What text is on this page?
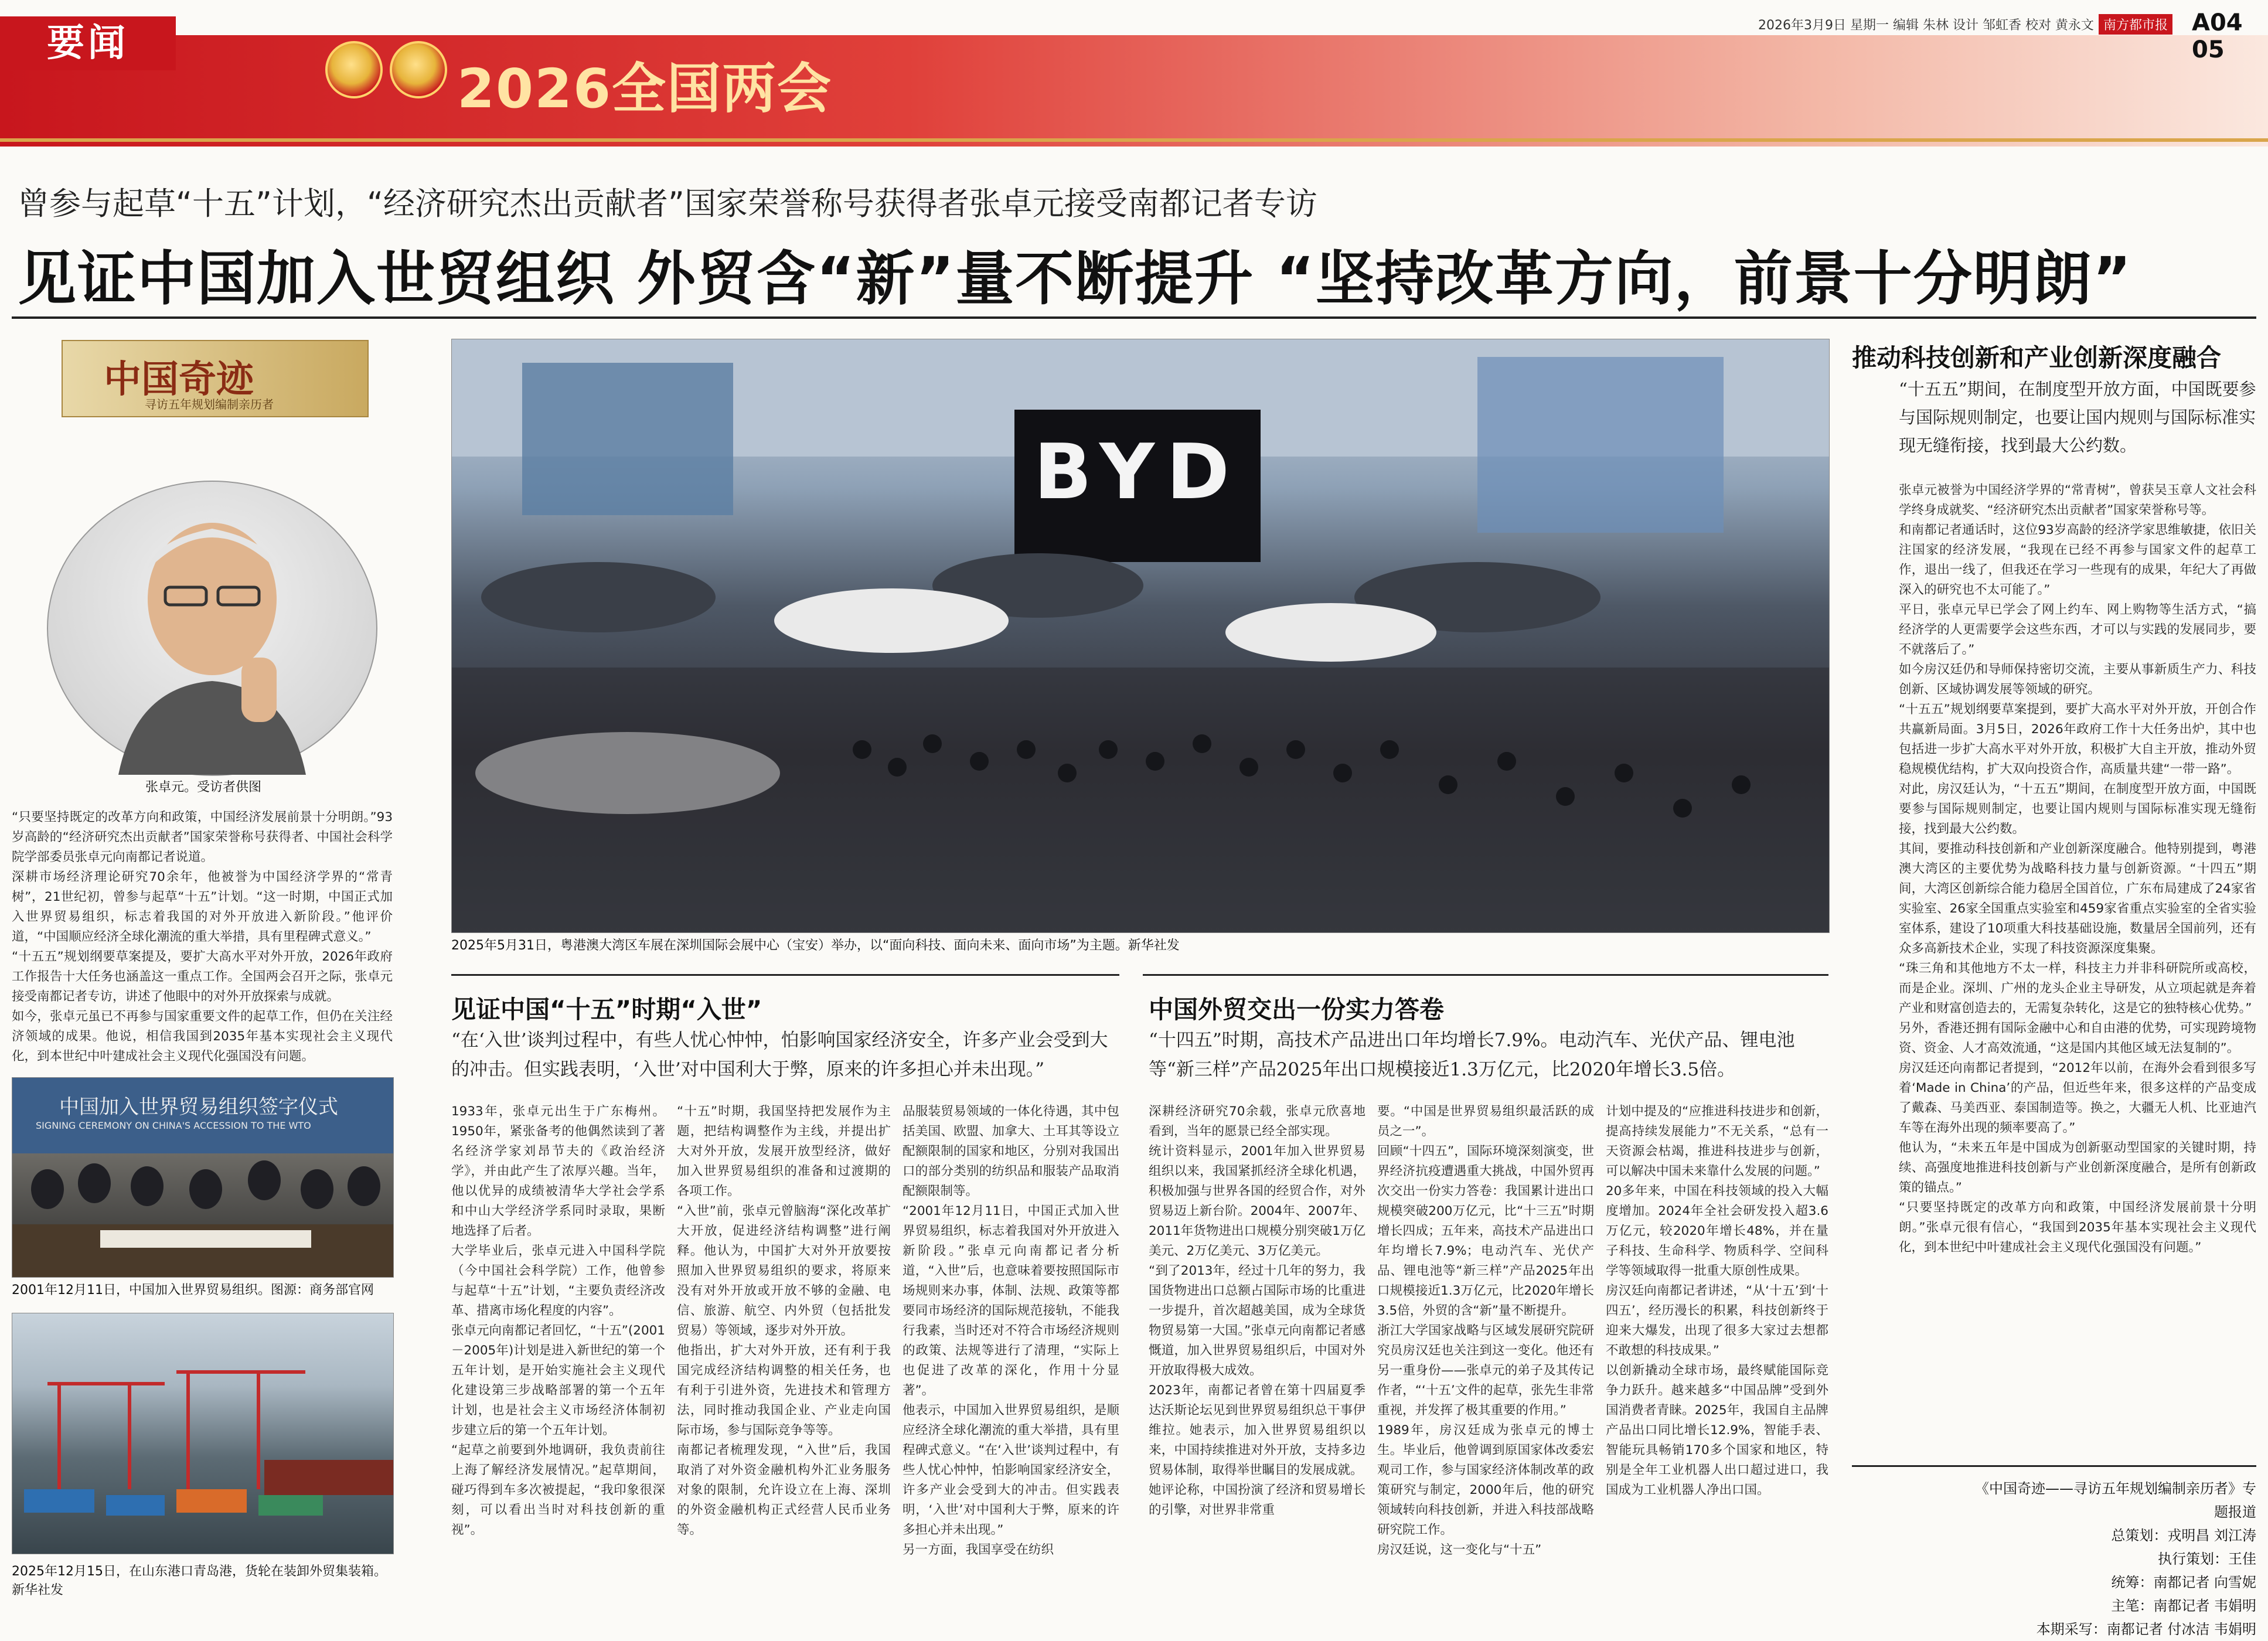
要闻
2026全国两会
2026年3月9日 星期一 编辑 朱林 设计 邹虹香 校对 黄永文 南方都市报 A04 05
曾参与起草“十五”计划，“经济研究杰出贡献者”国家荣誉称号获得者张卓元接受南都记者专访
见证中国加入世贸组织 外贸含“新”量不断提升 “坚持改革方向，前景十分明朗”
中国奇迹
寻访五年规划编制亲历者
张卓元。受访者供图

“只要坚持既定的改革方向和政策，中国经济发展前景十分明朗。”93岁高龄的“经济研究杰出贡献者”国家荣誉称号获得者、中国社会科学院学部委员张卓元向南都记者说道。

深耕市场经济理论研究70余年，他被誉为中国经济学界的“常青树”，21世纪初，曾参与起草“十五”计划。“这一时期，中国正式加入世界贸易组织，标志着我国的对外开放进入新阶段。”他评价道，“中国顺应经济全球化潮流的重大举措，具有里程碑式意义。”

“十五五”规划纲要草案提及，要扩大高水平对外开放，2026年政府工作报告十大任务也涵盖这一重点工作。全国两会召开之际，张卓元接受南都记者专访，讲述了他眼中的对外开放探索与成就。

如今，张卓元虽已不再参与国家重要文件的起草工作，但仍在关注经济领域的成果。他说，相信我国到2035年基本实现社会主义现代化，到本世纪中叶建成社会主义现代化强国没有问题。

中国加入世界贸易组织签字仪式
SIGNING CEREMONY ON CHINA'S ACCESSION TO THE WTO
2001年12月11日，中国加入世界贸易组织。图源：商务部官网
2025年12月15日，在山东港口青岛港，货轮在装卸外贸集装箱。新华社发
BYD
2025年5月31日，粤港澳大湾区车展在深圳国际会展中心（宝安）举办，以“面向科技、面向未来、面向市场”为主题。新华社发
见证中国“十五”时期“入世”
“在‘入世’谈判过程中，有些人忧心忡忡，怕影响国家经济安全，许多产业会受到大的冲击。但实践表明，‘入世’对中国利大于弊，原来的许多担心并未出现。”

1933年，张卓元出生于广东梅州。1950年，紧张备考的他偶然读到了著名经济学家刘昂节夫的《政治经济学》，并由此产生了浓厚兴趣。当年，他以优异的成绩被清华大学社会学系和中山大学经济学系同时录取，果断地选择了后者。

大学毕业后，张卓元进入中国科学院（今中国社会科学院）工作，他曾参与起草“十五”计划，“主要负责经济改革、措离市场化程度的内容”。

张卓元向南都记者回忆，“十五”(2001－2005年)计划是进入新世纪的第一个五年计划，是开始实施社会主义现代化建设第三步战略部署的第一个五年计划，也是社会主义市场经济体制初步建立后的第一个五年计划。

“起草之前要到外地调研，我负责前往上海了解经济发展情况。”起草期间，碰巧得到车多次被提起，“我印象很深刻，可以看出当时对科技创新的重视”。

“十五”时期，我国坚持把发展作为主题，把结构调整作为主线，并提出扩大对外开放，发展开放型经济，做好加入世界贸易组织的准备和过渡期的各项工作。

“入世”前，张卓元曾脑海“深化改革扩大开放，促进经济结构调整”进行阐释。他认为，中国扩大对外开放要按照加入世界贸易组织的要求，将原来没有对外开放或开放不够的金融、电信、旅游、航空、内外贸（包括批发贸易）等领域，逐步对外开放。

他指出，扩大对外开放，还有利于我国完成经济结构调整的相关任务，也有利于引进外资，先进技术和管理方法，同时推动我国企业、产业走向国际市场，参与国际竞争等等。

南都记者梳理发现，“入世”后，我国取消了对外资金融机构外汇业务服务对象的限制，允许设立在上海、深圳的外资金融机构正式经营人民币业务等。

品服装贸易领域的一体化待遇，其中包括美国、欧盟、加拿大、土耳其等设立配额限制的国家和地区，分别对我国出口的部分类别的纺织品和服装产品取消配额限制等。

“2001年12月11日，中国正式加入世界贸易组织，标志着我国对外开放进入新阶段。”张卓元向南都记者分析道，“入世”后，也意味着要按照国际市场规则来办事，体制、法规、政策等都要同市场经济的国际规范接轨，不能我行我素，当时还对不符合市场经济规则的政策、法规等进行了清理，“实际上也促进了改革的深化，作用十分显著”。

他表示，中国加入世界贸易组织，是顺应经济全球化潮流的重大举措，具有里程碑式意义。“在‘入世’谈判过程中，有些人忧心忡忡，怕影响国家经济安全，许多产业会受到大的冲击。但实践表明，‘入世’对中国利大于弊，原来的许多担心并未出现。”

另一方面，我国享受在纺织

中国外贸交出一份实力答卷
“十四五”时期，高技术产品进出口年均增长7.9%。电动汽车、光伏产品、锂电池等“新三样”产品2025年出口规模接近1.3万亿元，比2020年增长3.5倍。

深耕经济研究70余载，张卓元欣喜地看到，当年的愿景已经全部实现。

统计资料显示，2001年加入世界贸易组织以来，我国紧抓经济全球化机遇，积极加强与世界各国的经贸合作，对外贸易迈上新台阶。2004年、2007年、2011年货物进出口规模分别突破1万亿美元、2万亿美元、3万亿美元。

“到了2013年，经过十几年的努力，我国货物进出口总额占国际市场的比重进一步提升，首次超越美国，成为全球货物贸易第一大国。”张卓元向南都记者感慨道，加入世界贸易组织后，中国对外开放取得极大成效。

2023年，南都记者曾在第十四届夏季达沃斯论坛见到世界贸易组织总干事伊维拉。她表示，加入世界贸易组织以来，中国持续推进对外开放，支持多边贸易体制，取得举世瞩目的发展成就。

她评论称，中国扮演了经济和贸易增长的引擎，对世界非常重

要。“中国是世界贸易组织最活跃的成员之一”。

回顾“十四五”，国际环境深刻演变，世界经济抗疫遭遇重大挑战，中国外贸再次交出一份实力答卷：我国累计进出口规模突破200万亿元，比“十三五”时期增长四成；五年来，高技术产品进出口年均增长7.9%；电动汽车、光伏产品、锂电池等“新三样”产品2025年出口规模接近1.3万亿元，比2020年增长3.5倍，外贸的含“新”量不断提升。

浙江大学国家战略与区域发展研究院研究员房汉廷也关注到这一变化。他还有另一重身份——张卓元的弟子及其传记作者，“‘十五’文件的起草，张先生非常重视，并发挥了极其重要的作用。”

1989年，房汉廷成为张卓元的博士生。毕业后，他曾调到原国家体改委宏观司工作，参与国家经济体制改革的政策研究与制定，2000年后，他的研究领域转向科技创新，并进入科技部战略研究院工作。

房汉廷说，这一变化与“十五”

计划中提及的“应推进科技进步和创新，提高持续发展能力”不无关系，“总有一天资源会枯竭，推进科技进步与创新，可以解决中国未来靠什么发展的问题。”

20多年来，中国在科技领域的投入大幅度增加。2024年全社会研发投入超3.6万亿元，较2020年增长48%，并在量子科技、生命科学、物质科学、空间科学等领域取得一批重大原创性成果。

房汉廷向南都记者讲述，“从‘十五’到‘十四五’，经历漫长的积累，科技创新终于迎来大爆发，出现了很多大家过去想都不敢想的科技成果。”

以创新撬动全球市场，最终赋能国际竞争力跃升。越来越多“中国品牌”受到外国消费者青睐。2025年，我国自主品牌产品出口同比增长12.9%，智能手表、智能玩具畅销170多个国家和地区，特别是全年工业机器人出口超过进口，我国成为工业机器人净出口国。

推动科技创新和产业创新深度融合
“十五五”期间，在制度型开放方面，中国既要参与国际规则制定，也要让国内规则与国际标准实现无缝衔接，找到最大公约数。

张卓元被誉为中国经济学界的“常青树”，曾获吴玉章人文社会科学终身成就奖、“经济研究杰出贡献者”国家荣誉称号等。

和南都记者通话时，这位93岁高龄的经济学家思维敏捷，依旧关注国家的经济发展，“我现在已经不再参与国家文件的起草工作，退出一线了，但我还在学习一些现有的成果，年纪大了再做深入的研究也不太可能了。”

平日，张卓元早已学会了网上约车、网上购物等生活方式，“搞经济学的人更需要学会这些东西，才可以与实践的发展同步，要不就落后了。”

如今房汉廷仍和导师保持密切交流，主要从事新质生产力、科技创新、区域协调发展等领域的研究。

“十五五”规划纲要草案提到，要扩大高水平对外开放，开创合作共赢新局面。3月5日，2026年政府工作十大任务出炉，其中也包括进一步扩大高水平对外开放，积极扩大自主开放，推动外贸稳规模优结构，扩大双向投资合作，高质量共建“一带一路”。

对此，房汉廷认为，“十五五”期间，在制度型开放方面，中国既要参与国际规则制定，也要让国内规则与国际标准实现无缝衔接，找到最大公约数。

其间，要推动科技创新和产业创新深度融合。他特别提到，粤港澳大湾区的主要优势为战略科技力量与创新资源。“十四五”期间，大湾区创新综合能力稳居全国首位，广东布局建成了24家省实验室、26家全国重点实验室和459家省重点实验室的全省实验室体系，建设了10项重大科技基础设施，数量居全国前列，还有众多高新技术企业，实现了科技资源深度集聚。

“珠三角和其他地方不太一样，科技主力并非科研院所或高校，而是企业。深圳、广州的龙头企业主导研发，从立项起就是奔着产业和财富创造去的，无需复杂转化，这是它的独特核心优势。”

另外，香港还拥有国际金融中心和自由港的优势，可实现跨境物资、资金、人才高效流通，“这是国内其他区域无法复制的”。

房汉廷还向南都记者提到，“2012年以前，在海外会看到很多写着‘Made in China’的产品，但近些年来，很多这样的产品变成了戴森、马美西亚、泰国制造等。换之，大疆无人机、比亚迪汽车等在海外出现的频率要高了。”

他认为，“未来五年是中国成为创新驱动型国家的关键时期，持续、高强度地推进科技创新与产业创新深度融合，是所有创新政策的锚点。”

“只要坚持既定的改革方向和政策，中国经济发展前景十分明朗。”张卓元很有信心，“我国到2035年基本实现社会主义现代化，到本世纪中叶建成社会主义现代化强国没有问题。”

《中国奇迹——寻访五年规划编制亲历者》专题报道
总策划：戎明昌 刘江涛
执行策划：王佳
统筹：南都记者 向雪妮
主笔：南都记者 韦娟明
本期采写：南都记者 付冰洁 韦娟明
